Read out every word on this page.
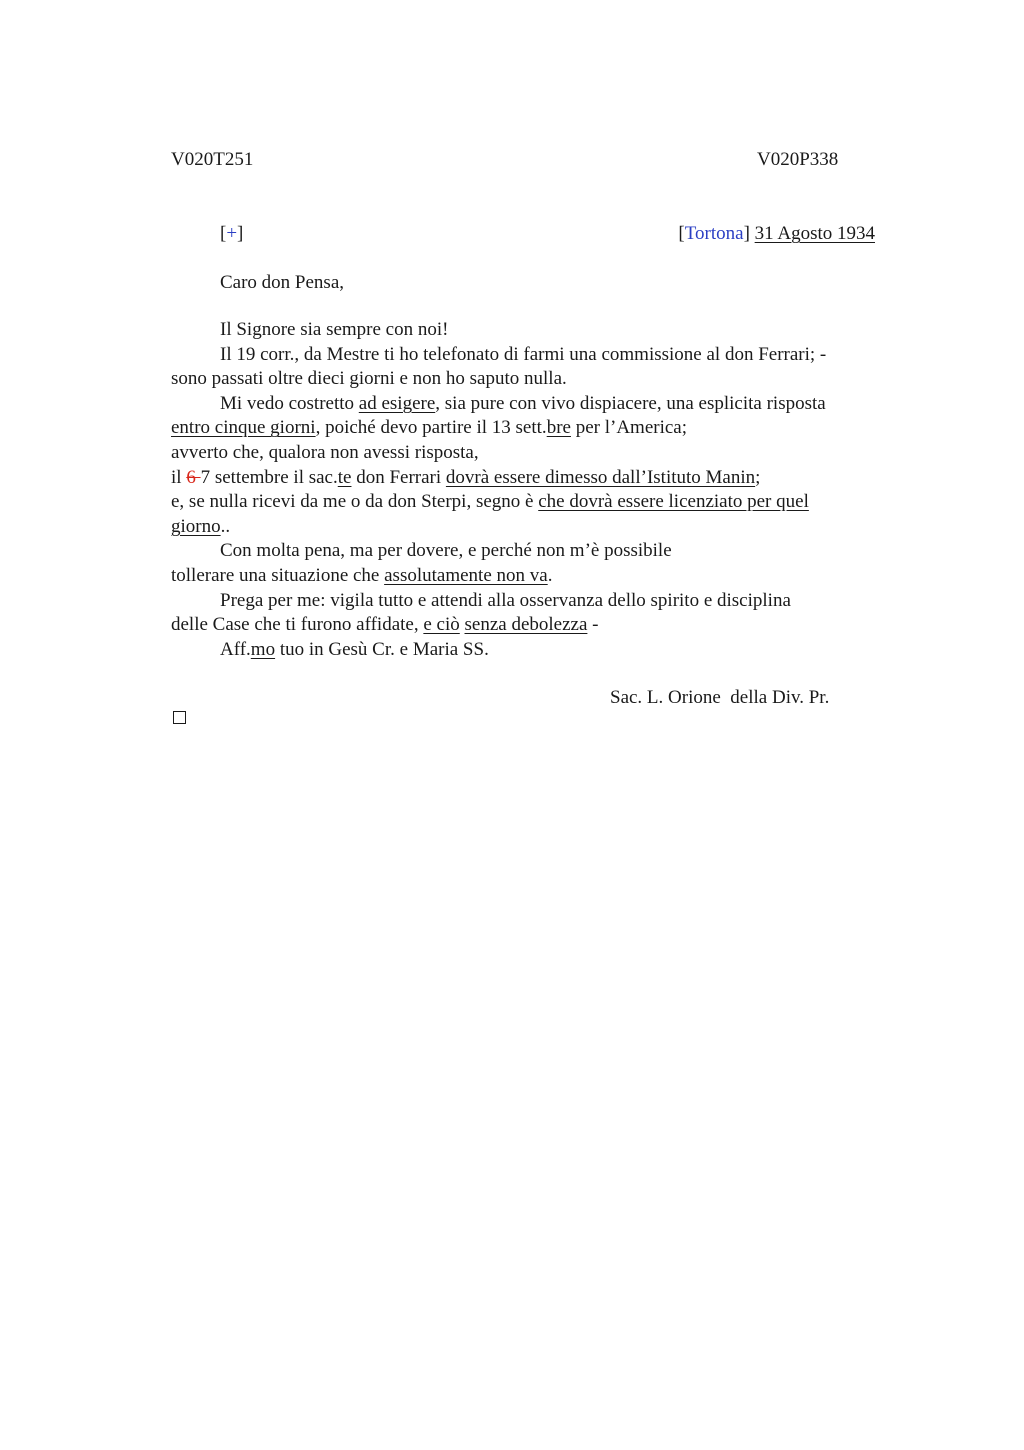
V020T251	V020P338
[+]	[Tortona] 31 Agosto 1934
Caro don Pensa,
Il Signore sia sempre con noi!
Il 19 corr., da Mestre ti ho telefonato di farmi una commissione al don Ferrari; -
sono passati oltre dieci giorni e non ho saputo nulla.
Mi vedo costretto ad esigere, sia pure con vivo dispiacere, una esplicita risposta
entro cinque giorni, poiché devo partire il 13 sett.bre per l’America;
avverto che, qualora non avessi risposta,
il 6 7 settembre il sac.te don Ferrari dovrà essere dimesso dall’Istituto Manin;
e, se nulla ricevi da me o da don Sterpi, segno è che dovrà essere licenziato per quel
giorno..
Con molta pena, ma per dovere, e perché non m’è possibile
tollerare una situazione che assolutamente non va.
Prega per me: vigila tutto e attendi alla osservanza dello spirito e disciplina
delle Case che ti furono affidate, e ciò senza debolezza -
Aff.mo tuo in Gesù Cr. e Maria SS.
Sac. L. Orione  della Div. Pr.
